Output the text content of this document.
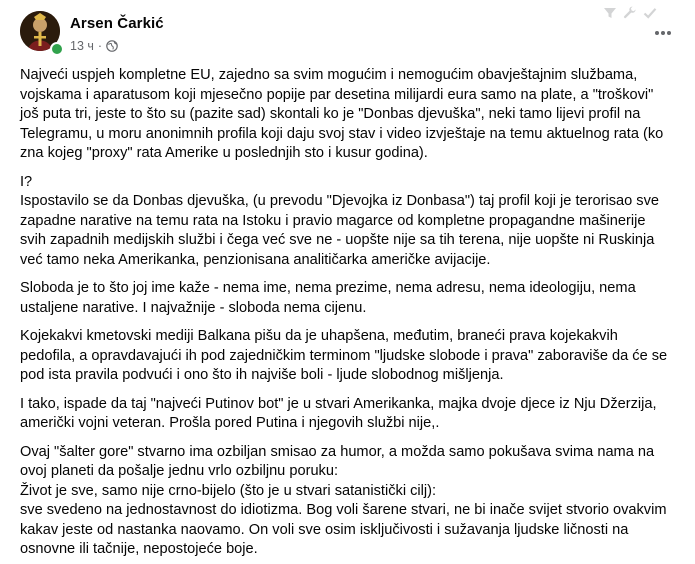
Arsen Čarkić
13 ч ·

Najveći uspjeh kompletne EU, zajedno sa svim mogućim i nemogućim obavještajnim službama, vojskama i aparatusom koji mjesečno popije par desetina milijardi eura samo na plate, a "troškovi" još puta tri, jeste to što su (pazite sad) skontali ko je "Donbas djevuška", neki tamo lijevi profil na Telegramu, u moru anonimnih profila koji daju svoj stav i video izvještaje na temu aktuelnog rata (ko zna kojeg "proxy" rata Amerike u poslednjih sto i kusur godina).

I?
Ispostavilo se da Donbas djevuška, (u prevodu "Djevojka iz Donbasa") taj profil koji je terorisao sve zapadne narative na temu rata na Istoku i pravio magarce od kompletne propagandne mašinerije svih zapadnih medijskih službi i čega već sve ne - uopšte nije sa tih terena, nije uopšte ni Ruskinja već tamo neka Amerikanka, penzionisana analitičarka američke avijacije.

Sloboda je to što joj ime kaže - nema ime, nema prezime, nema adresu, nema ideologiju, nema ustaljene narative. I najvažnije - sloboda nema cijenu.

Kojekakvi kmetovski mediji Balkana pišu da je uhapšena, međutim, braneći prava kojekakvih pedofila, a opravdavajući ih pod zajedničkim terminom "ljudske slobode i prava" zaboraviše da će se pod ista pravila podvući i ono što ih najviše boli - ljude slobodnog mišljenja.

I tako, ispade da taj "najveći Putinov bot" je u stvari Amerikanka, majka dvoje djece iz Nju Džerzija, američki vojni veteran. Prošla pored Putina i njegovih službi nije,.

Ovaj "šalter gore" stvarno ima ozbiljan smisao za humor, a možda samo pokušava svima nama na ovoj planeti da pošalje jednu vrlo ozbiljnu poruku:
Život je sve, samo nije crno-bijelo (što je u stvari satanistički cilj):
sve svedeno na jednostavnost do idiotizma. Bog voli šarene stvari, ne bi inače svijet stvorio ovakvim kakav jeste od nastanka naovamo. On voli sve osim isključivosti i sužavanja ljudske ličnosti na osnovne ili tačnije, nepostojeće boje.
